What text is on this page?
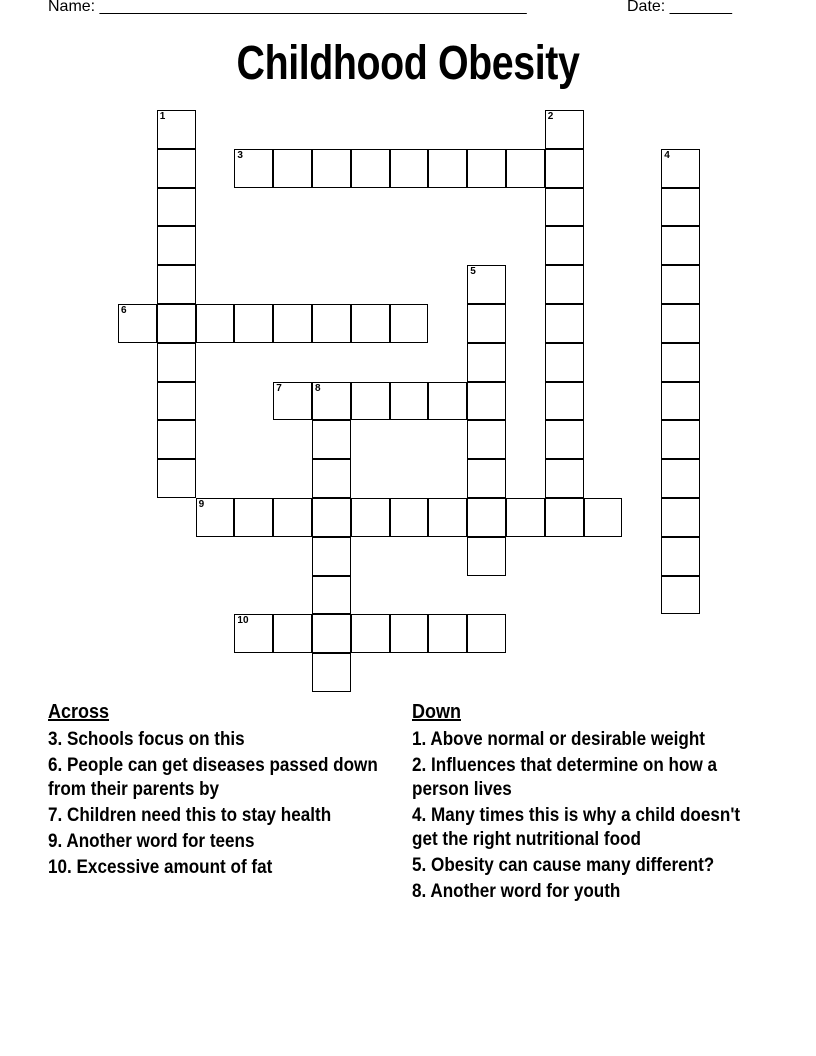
Name: ________________________________________________	Date: _______
Childhood Obesity
1	2
3	4
5
6
7	8
9
10
Across
3. Schools focus on this
6. People can get diseases passed down from their parents by
7. Children need this to stay health
9. Another word for teens
10. Excessive amount of fat
Down
1. Above normal or desirable weight
2. Influences that determine on how a person lives
4. Many times this is why a child doesn't get the right nutritional food
5. Obesity can cause many different?
8. Another word for youth
